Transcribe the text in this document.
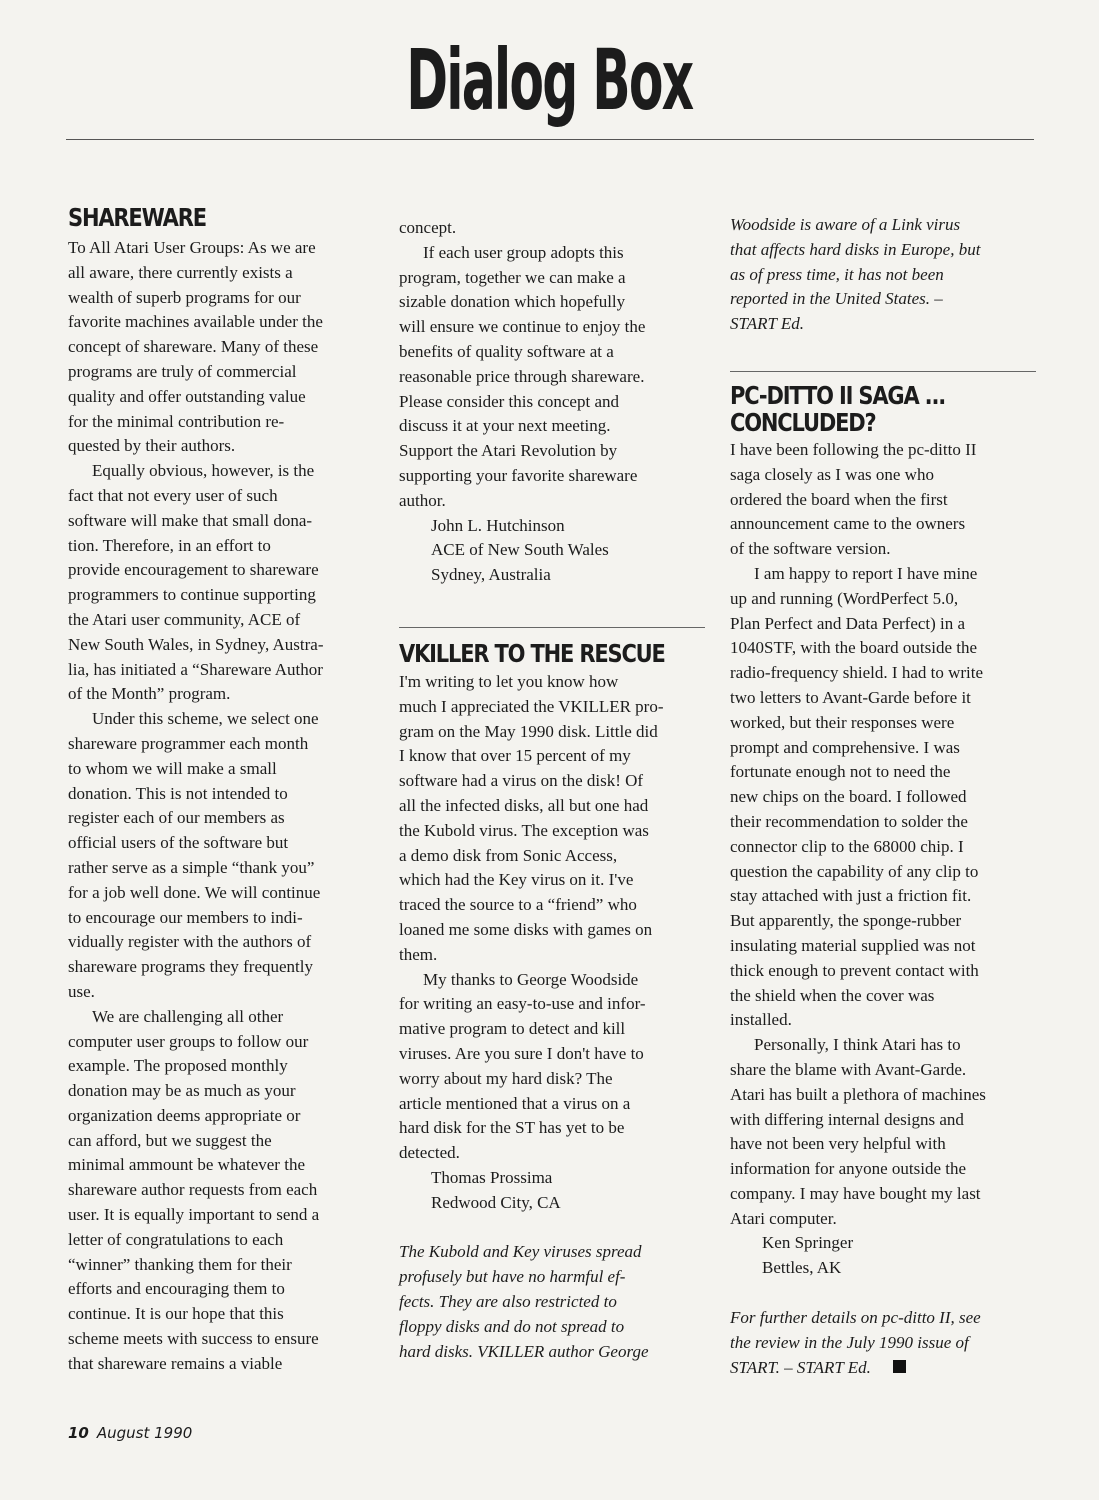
Dialog Box
SHAREWARE

To All Atari User Groups: As we are

all aware, there currently exists a

wealth of superb programs for our

favorite machines available under the

concept of shareware. Many of these

programs are truly of commercial

quality and offer outstanding value

for the minimal contribution re-

quested by their authors.

Equally obvious, however, is the

fact that not every user of such

software will make that small dona-

tion. Therefore, in an effort to

provide encouragement to shareware

programmers to continue supporting

the Atari user community, ACE of

New South Wales, in Sydney, Austra-

lia, has initiated a “Shareware Author

of the Month” program.

Under this scheme, we select one

shareware programmer each month

to whom we will make a small

donation. This is not intended to

register each of our members as

official users of the software but

rather serve as a simple “thank you”

for a job well done. We will continue

to encourage our members to indi-

vidually register with the authors of

shareware programs they frequently

use.

We are challenging all other

computer user groups to follow our

example. The proposed monthly

donation may be as much as your

organization deems appropriate or

can afford, but we suggest the

minimal ammount be whatever the

shareware author requests from each

user. It is equally important to send a

letter of congratulations to each

“winner” thanking them for their

efforts and encouraging them to

continue. It is our hope that this

scheme meets with success to ensure

that shareware remains a viable

concept.

If each user group adopts this

program, together we can make a

sizable donation which hopefully

will ensure we continue to enjoy the

benefits of quality software at a

reasonable price through shareware.

Please consider this concept and

discuss it at your next meeting.

Support the Atari Revolution by

supporting your favorite shareware

author.

John L. Hutchinson

ACE of New South Wales

Sydney, Australia

VKILLER TO THE RESCUE

I'm writing to let you know how

much I appreciated the VKILLER pro-

gram on the May 1990 disk. Little did

I know that over 15 percent of my

software had a virus on the disk! Of

all the infected disks, all but one had

the Kubold virus. The exception was

a demo disk from Sonic Access,

which had the Key virus on it. I've

traced the source to a “friend” who

loaned me some disks with games on

them.

My thanks to George Woodside

for writing an easy-to-use and infor-

mative program to detect and kill

viruses. Are you sure I don't have to

worry about my hard disk? The

article mentioned that a virus on a

hard disk for the ST has yet to be

detected.

Thomas Prossima

Redwood City, CA

The Kubold and Key viruses spread

profusely but have no harmful ef-

fects. They are also restricted to

floppy disks and do not spread to

hard disks. VKILLER author George

Woodside is aware of a Link virus

that affects hard disks in Europe, but

as of press time, it has not been

reported in the United States. –

START Ed.

PC-DITTO II SAGA ...
CONCLUDED?

I have been following the pc-ditto II

saga closely as I was one who

ordered the board when the first

announcement came to the owners

of the software version.

I am happy to report I have mine

up and running (WordPerfect 5.0,

Plan Perfect and Data Perfect) in a

1040STF, with the board outside the

radio-frequency shield. I had to write

two letters to Avant-Garde before it

worked, but their responses were

prompt and comprehensive. I was

fortunate enough not to need the

new chips on the board. I followed

their recommendation to solder the

connector clip to the 68000 chip. I

question the capability of any clip to

stay attached with just a friction fit.

But apparently, the sponge-rubber

insulating material supplied was not

thick enough to prevent contact with

the shield when the cover was

installed.

Personally, I think Atari has to

share the blame with Avant-Garde.

Atari has built a plethora of machines

with differing internal designs and

have not been very helpful with

information for anyone outside the

company. I may have bought my last

Atari computer.

Ken Springer

Bettles, AK

For further details on pc-ditto II, see

the review in the July 1990 issue of

START. – START Ed.

10 August 1990
